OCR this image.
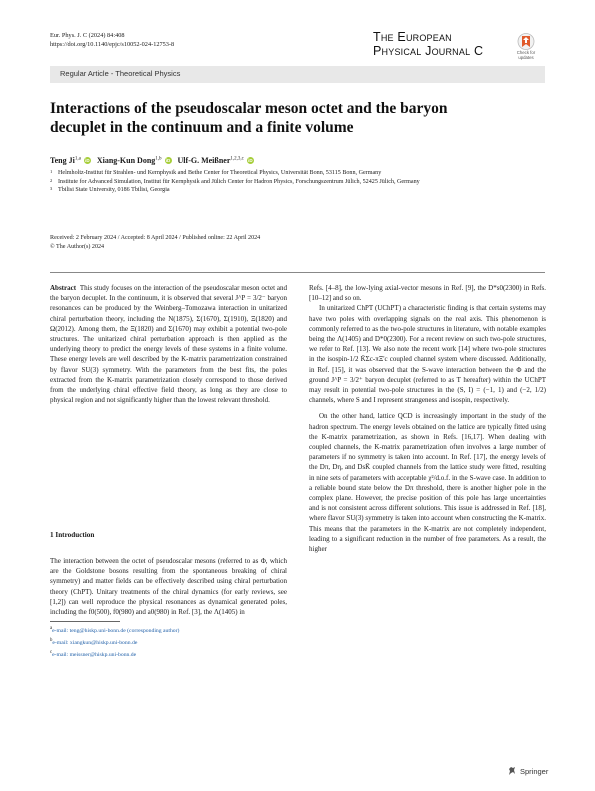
Eur. Phys. J. C (2024) 84:408
https://doi.org/10.1140/epjc/s10052-024-12753-8	The European
Physical Journal C	Check for updates
Regular Article - Theoretical Physics
Interactions of the pseudoscalar meson octet and the baryon decuplet in the continuum and a finite volume
Teng Ji$^{1,a}$ iD Xiang-Kun Dong$^{1,b}$ iD Ulf-G. Meißner$^{1,2,3,c}$ iD
1 Helmholtz-Institut für Strahlen- und Kernphysik and Bethe Center for Theoretical Physics, Universität Bonn, 53115 Bonn, Germany
2 Institute for Advanced Simulation, Institut für Kernphysik and Jülich Center for Hadron Physics, Forschungszentrum Jülich, 52425 Jülich, Germany
3 Tbilisi State University, 0186 Tbilisi, Georgia
Received: 2 February 2024 / Accepted: 8 April 2024 / Published online: 22 April 2024
© The Author(s) 2024

Abstract This study focuses on the interaction of the pseudoscalar meson octet and the baryon decuplet. In the continuum, it is observed that several J^P = 3/2⁻ baryon resonances can be produced by the Weinberg–Tomozawa interaction in unitarized chiral perturbation theory, including the N(1875), Σ(1670), Σ(1910), Ξ(1820) and Ω(2012). Among them, the Ξ(1820) and Σ(1670) may exhibit a potential two-pole structures. The unitarized chiral perturbation approach is then applied as the underlying theory to predict the energy levels of these systems in a finite volume. These energy levels are well described by the K-matrix parametrization constrained by flavor SU(3) symmetry. With the parameters from the best fits, the poles extracted from the K-matrix parametrization closely correspond to those derived from the underlying chiral effective field theory, as long as they are close to physical region and not significantly higher than the lowest relevant threshold.

1 Introduction

The interaction between the octet of pseudoscalar mesons (referred to as Φ, which are the Goldstone bosons resulting from the spontaneous breaking of chiral symmetry) and matter fields can be effectively described using chiral perturbation theory (ChPT). Unitary treatments of the chiral dynamics (for early reviews, see [1,2]) can well reproduce the physical resonances as dynamical generated poles, including the f0(500), f0(980) and a0(980) in Ref. [3], the Λ(1405) in

$^a$e-mail: teng@hiskp.uni-bonn.de (corresponding author)
$^b$e-mail: xiangkun@hiskp.uni-bonn.de
$^c$e-mail: meissner@hiskp.uni-bonn.de

Refs. [4–8], the low-lying axial-vector mesons in Ref. [9], the D*s0(2300) in Refs. [10–12] and so on.

In unitarized ChPT (UChPT) a characteristic finding is that certain systems may have two poles with overlapping signals on the real axis. This phenomenon is commonly referred to as the two-pole structures in literature, with notable examples being the Λ(1405) and D*0(2300). For a recent review on such two-pole structures, we refer to Ref. [13]. We also note the recent work [14] where two-pole structures in the isospin-1/2 K̄Σc-πΞ'c coupled channel system where discussed. Additionally, in Ref. [15], it was observed that the S-wave interaction between the Φ and the ground J^P = 3/2⁺ baryon decuplet (referred to as T hereafter) within the UChPT may result in potential two-pole structures in the (S, I) = (−1, 1) and (−2, 1/2) channels, where S and I represent strangeness and isospin, respectively.

On the other hand, lattice QCD is increasingly important in the study of the hadron spectrum. The energy levels obtained on the lattice are typically fitted using the K-matrix parametrization, as shown in Refs. [16,17]. When dealing with coupled channels, the K-matrix parametrization often involves a large number of parameters if no symmetry is taken into account. In Ref. [17], the energy levels of the Dπ, Dη, and DsK̄ coupled channels from the lattice study were fitted, resulting in nine sets of parameters with acceptable χ²/d.o.f. in the S-wave case. In addition to a reliable bound state below the Dπ threshold, there is another higher pole in the complex plane. However, the precise position of this pole has large uncertainties and is not consistent across different solutions. This issue is addressed in Ref. [18], where flavor SU(3) symmetry is taken into account when constructing the K-matrix. This means that the parameters in the K-matrix are not completely independent, leading to a significant reduction in the number of free parameters. As a result, the higher

Springer
